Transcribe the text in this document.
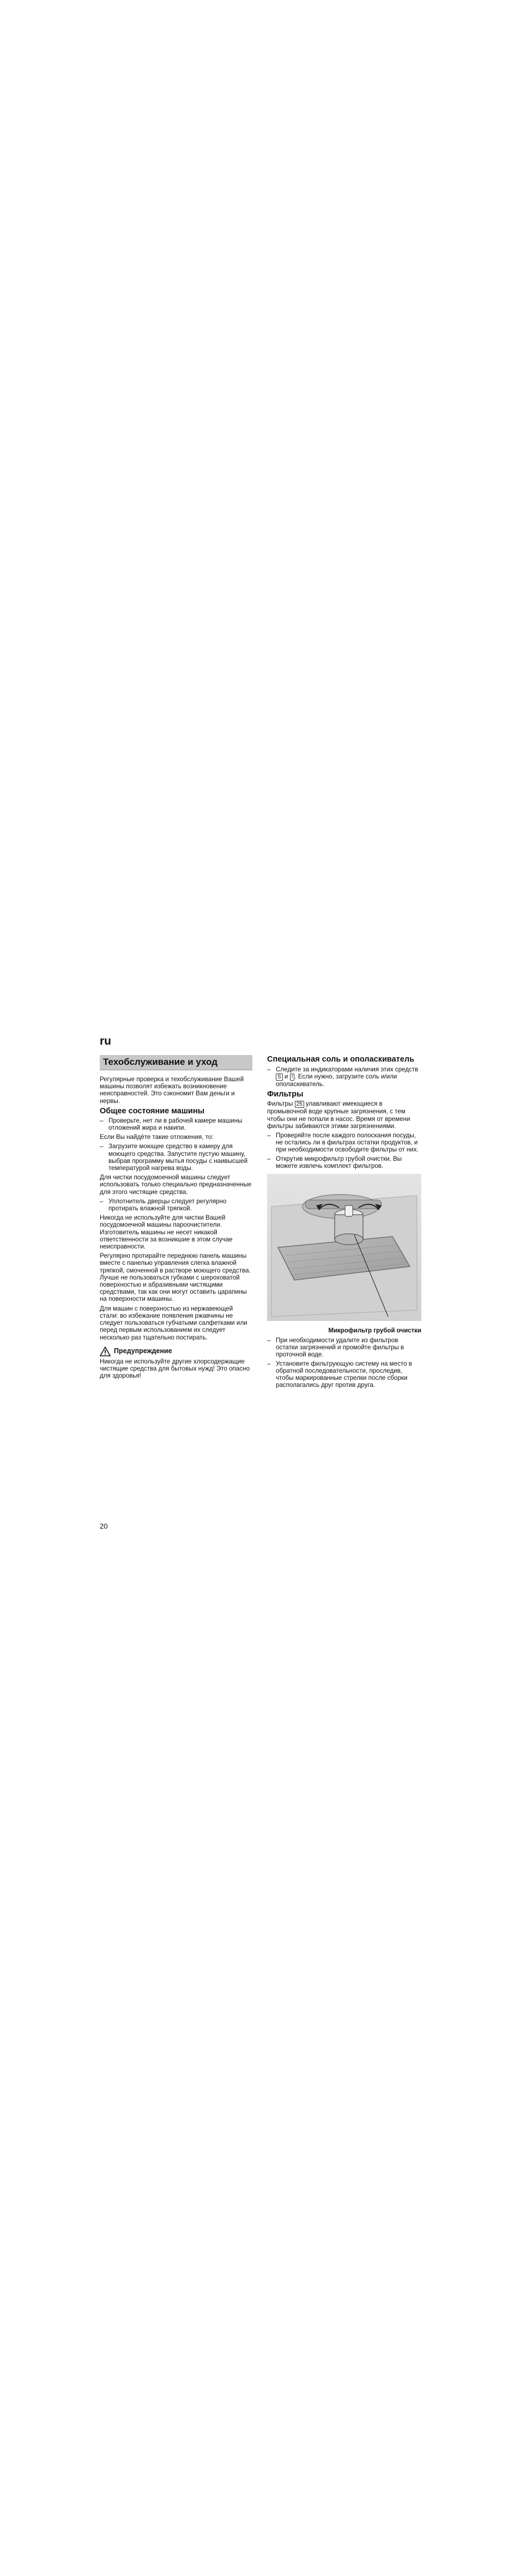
ru
Техобслуживание и уход

Регулярные проверка и техобслуживание Вашей машины позволят избежать возникновение неисправностей. Это сэкономит Вам деньги и нервы.

Общее состояние машины
– Проверьте, нет ли в рабочей камере машины отложений жира и накипи.

Если Вы найдёте такие отложения, то:

– Загрузите моющее средство в камеру для моющего средства. Запустите пустую машину, выбрав программу мытья посуды с наивысшей температурой нагрева воды.

Для чистки посудомоечной машины следует использовать только специально предназначенные для этого чистящие средства.

– Уплотнитель дверцы следует регулярно протирать влажной тряпкой.

Никогда не используйте для чистки Вашей посудомоечной машины пароочистители. Изготовитель машины не несет никакой ответственности за возникшие в этом случае неисправности.

Регулярно протирайте переднюю панель машины вместе с панелью управления слегка влажной тряпкой, смоченной в растворе моющего средства. Лучше не пользоваться губками с шероховатой поверхностью и абразивными чистящими средствами, так как они могут оставить царапины на поверхности машины.

Для машин с поверхностью из нержавеющей стали: во избежание появления ржавчины не следует пользоваться губчатыми салфетками или перед первым использованием их следует несколько раз тщательно постирать.

Предупреждение

Никогда не используйте другие хлорсодержащие чистящие средства для бытовых нужд! Это опасно для здоровья!

Специальная соль и ополаскиватель
– Следите за индикаторами наличия этих средств S и ! . Если нужно, загрузите соль и/или ополаскиватель.
Фильтры

Фильтры 25 улавливают имеющиеся в промывочной воде крупные загрязнения, с тем чтобы они не попали в насос. Время от времени фильтры забиваются этими загрязнениями.

– Проверяйте после каждого полоскания посуды, не остались ли в фильтрах остатки продуктов, и при необходимости освободите фильтры от них.
– Открутив микрофильтр грубой очистки, Вы можете извлечь комплект фильтров.
Микрофильтр грубой очистки
– При необходимости удалите из фильтров остатки загрязнений и промойте фильтры в проточной воде.
– Установите фильтрующую систему на место в обратной последовательности, проследив, чтобы маркированные стрелки после сборки располагались друг против друга.
20
